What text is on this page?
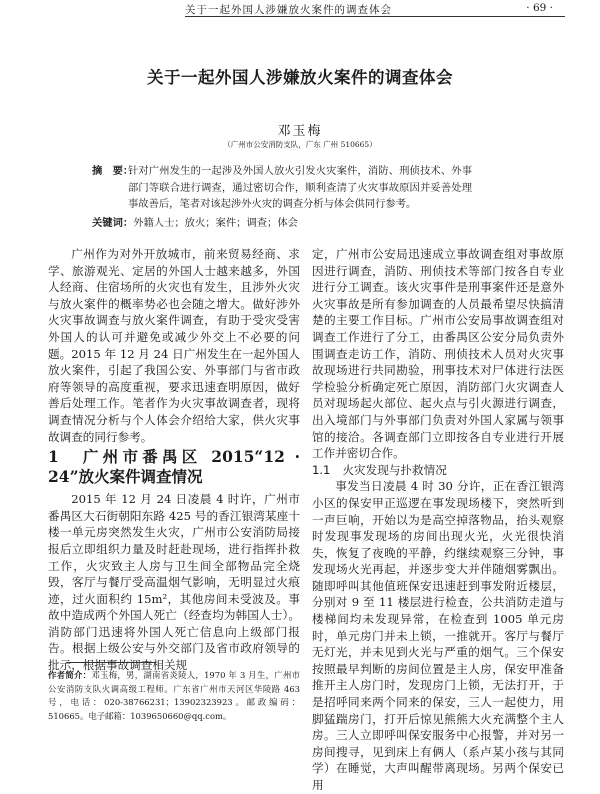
关于一起外国人涉嫌放火案件的调查体会	· 69 ·
关于一起外国人涉嫌放火案件的调查体会
邓玉梅
（广州市公安消防支队，广东 广州 510665）
摘　要：
针对广州发生的一起涉及外国人放火引发火灾案件，消防、刑侦技术、外事部门等联合进行调查，通过密切合作，顺利查清了火灾事故原因并妥善处理事故善后，笔者对该起涉外火灾的调查分析与体会供同行参考。
关键词：外籍人士；放火；案件；调查；体会

广州作为对外开放城市，前来贸易经商、求学、旅游观光、定居的外国人士越来越多，外国人经商、住宿场所的火灾也有发生，且涉外火灾与放火案件的概率势必也会随之增大。做好涉外火灾事故调查与放火案件调查，有助于受灾受害外国人的认可并避免或减少外交上不必要的问题。2015 年 12 月 24 日广州发生在一起外国人放火案件，引起了我国公安、外事部门与省市政府等领导的高度重视，要求迅速查明原因，做好善后处理工作。笔者作为火灾事故调查者，现将调查情况分析与个人体会介绍给大家，供火灾事故调查的同行参考。

1　广州市番禺区 2015“12 · 24”放火案件调查情况

2015 年 12 月 24 日凌晨 4 时许，广州市番禺区大石街朝阳东路 425 号的香江银湾某座十楼一单元房突然发生火灾，广州市公安消防局接报后立即组织力量及时赶赴现场，进行指挥扑救工作，火灾致主人房与卫生间全部物品完全烧毁，客厅与餐厅受高温烟气影响，无明显过火痕迹，过火面积约 15m²，其他房间未受波及。事故中造成两个外国人死亡（经查均为韩国人士）。消防部门迅速将外国人死亡信息向上级部门报告。根据上级公安与外交部门及省市政府领导的批示，根据事故调查相关规

定，广州市公安局迅速成立事故调查组对事故原因进行调查，消防、刑侦技术等部门按各自专业进行分工调查。该火灾事件是刑事案件还是意外火灾事故是所有参加调查的人员最希望尽快搞清楚的主要工作目标。广州市公安局事故调查组对调查工作进行了分工，由番禺区公安分局负责外围调查走访工作，消防、刑侦技术人员对火灾事故现场进行共同勘验，刑事技术对尸体进行法医学检验分析确定死亡原因，消防部门火灾调查人员对现场起火部位、起火点与引火源进行调查，出入境部门与外事部门负责对外国人家属与领事馆的接洽。各调查部门立即按各自专业进行开展工作并密切合作。

1.1 火灾发现与扑救情况

事发当日凌晨 4 时 30 分许，正在香江银湾小区的保安甲正巡逻在事发现场楼下，突然听到一声巨响，开始以为是高空掉落物品，抬头观察时发现事发现场的房间出现火光，火光很快消失，恢复了夜晚的平静，约继续观察三分钟，事发现场火光再起，并逐步变大并伴随烟雾飘出。随即呼叫其他值班保安迅速赶到事发附近楼层，分别对 9 至 11 楼层进行检查，公共消防走道与楼梯间均未发现异常，在检查到 1005 单元房时，单元房门并未上锁，一推就开。客厅与餐厅无灯光，并未见到火光与严重的烟气。三个保安按照最早判断的房间位置是主人房，保安甲准备推开主人房门时，发现房门上锁，无法打开，于是招呼同来两个同来的保安，三人一起使力，用脚猛踹房门，打开后惊见熊熊大火充满整个主人房。三人立即呼叫保安服务中心报警，并对另一房间搜寻，见到床上有俩人（系卢某小孩与其同学）在睡觉，大声叫醒带离现场。另两个保安已用

作者简介：邓玉梅，男，湖南省炎陵人，1970 年 3 月生，广州市公安消防支队火调高级工程师。广东省广州市天河区华陵路 463 号，电话：020-38766231；13902323923。邮政编码：510665。电子邮箱：1039650660@qq.com。
